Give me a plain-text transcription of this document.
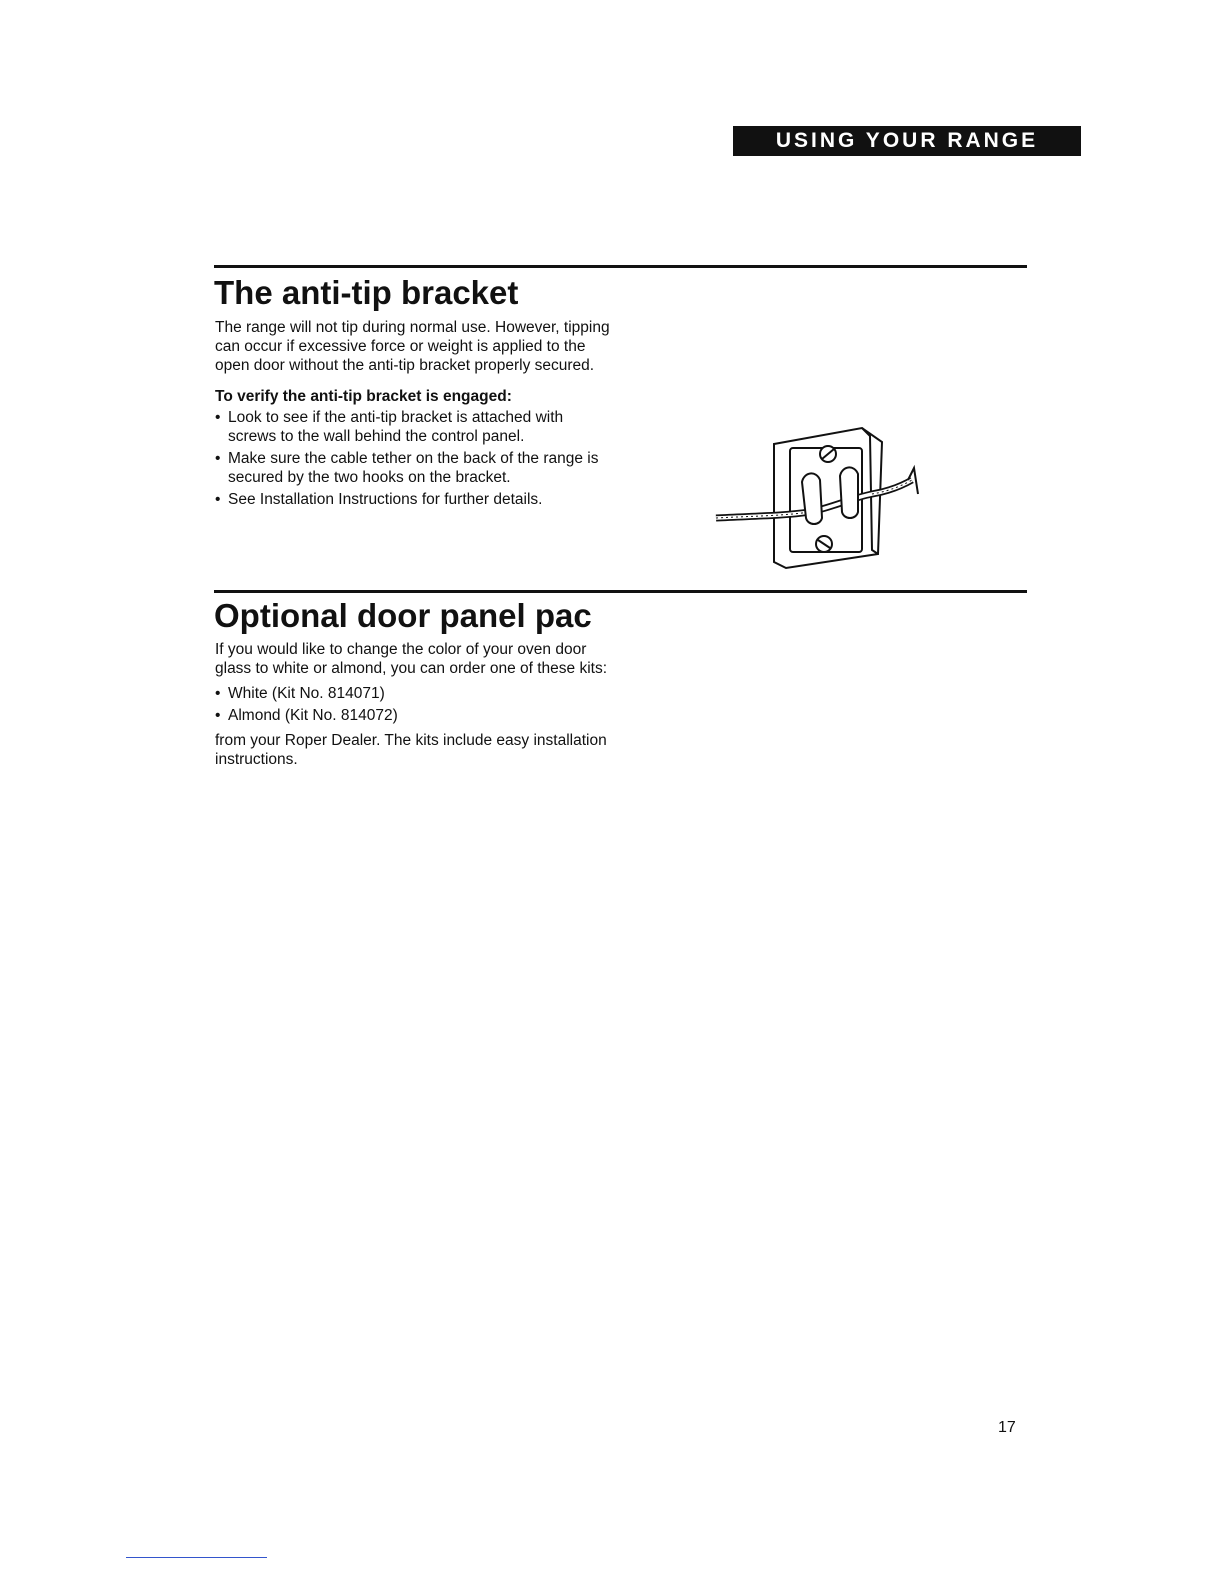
USING YOUR RANGE
The anti-tip bracket

The range will not tip during normal use. However, tipping can occur if excessive force or weight is applied to the open door without the anti-tip bracket properly secured.

To verify the anti-tip bracket is engaged:

• Look to see if the anti-tip bracket is attached with screws to the wall behind the control panel.
• Make sure the cable tether on the back of the range is secured by the two hooks on the bracket.
• See Installation Instructions for further details.
Optional door panel pac

If you would like to change the color of your oven door glass to white or almond, you can order one of these kits:

• White (Kit No. 814071)
• Almond (Kit No. 814072)

from your Roper Dealer. The kits include easy installation instructions.

17
